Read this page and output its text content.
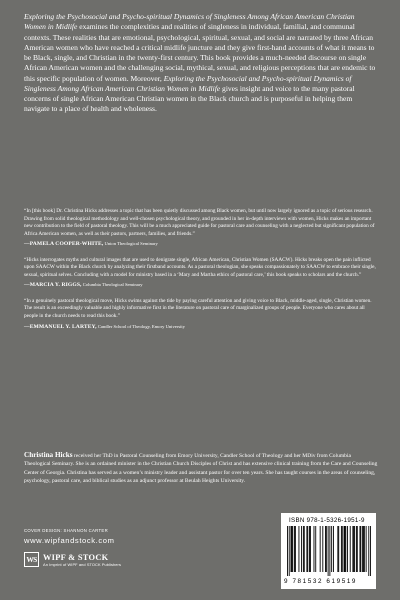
Exploring the Psychosocial and Psycho-spiritual Dynamics of Singleness Among African American Christian Women in Midlife examines the complexities and realities of singleness in individual, familial, and communal contexts. These realities that are emotional, psychological, spiritual, sexual, and social are narrated by three African American women who have reached a critical midlife juncture and they give first-hand accounts of what it means to be Black, single, and Christian in the twenty-first century. This book provides a much-needed discourse on single African American women and the challenging social, mythical, sexual, and religious perceptions that are endemic to this specific population of women. Moreover, Exploring the Psychosocial and Psycho-spiritual Dynamics of Singleness Among African American Christian Women in Midlife gives insight and voice to the many pastoral concerns of single African American Christian women in the Black church and is purposeful in helping them navigate to a place of health and wholeness.

“In [this book] Dr. Christina Hicks addresses a topic that has been quietly discussed among Black women, but until now largely ignored as a topic of serious research. Drawing from solid theological methodology and well-chosen psychological theory, and grounded in her in-depth interviews with women, Hicks makes an important new contribution to the field of pastoral theology. This will be a much appreciated guide for pastoral care and counseling with a neglected but significant population of Africa American women, as well as their pastors, partners, families, and friends.”

—PAMELA COOPER-WHITE, Union Theological Seminary

“Hicks interrogates myths and cultural images that are used to denigrate single, African American, Christian Women (SAACW). Hicks breaks open the pain inflicted upon SAACW within the Black church by analyzing their firstband accounts. As a pastoral theologian, she speaks compassionately to SAACW to embrace their single, sexual, spiritual selves. Concluding with a model for ministry based in a ‘Mary and Martha ethics of pastoral care,’ this book speaks to scholars and the church.”

—MARCIA Y. RIGGS, Columbia Theological Seminary

“In a genuinely pastoral theological move, Hicks swims against the tide by paying careful attention and giving voice to Black, middle-aged, single, Christian women. The result is an exceedingly valuable and highly informative first in the literature on pastoral care of marginalized groups of people. Everyone who cares about all people in the church needs to read this book.”

—EMMANUEL Y. LARTEY, Candler School of Theology, Emory University

Christina Hicks received her ThD in Pastoral Counseling from Emory University, Candler School of Theology and her MDiv from Columbia Theological Seminary. She is an ordained minister in the Christian Church Disciples of Christ and has extensive clinical training from the Care and Counseling Center of Georgia. Christina has served as a women’s ministry leader and assistant pastor for over ten years. She has taught courses in the areas of counseling, psychology, pastoral care, and biblical studies as an adjunct professor at Beulah Heights University.

COVER DESIGN: SHANNON CARTER
www.wipfandstock.com
WS WIPF & STOCK
An Imprint of WIPF and STOCK Publishers
ISBN 978-1-5326-1951-9
9 781532 619519
